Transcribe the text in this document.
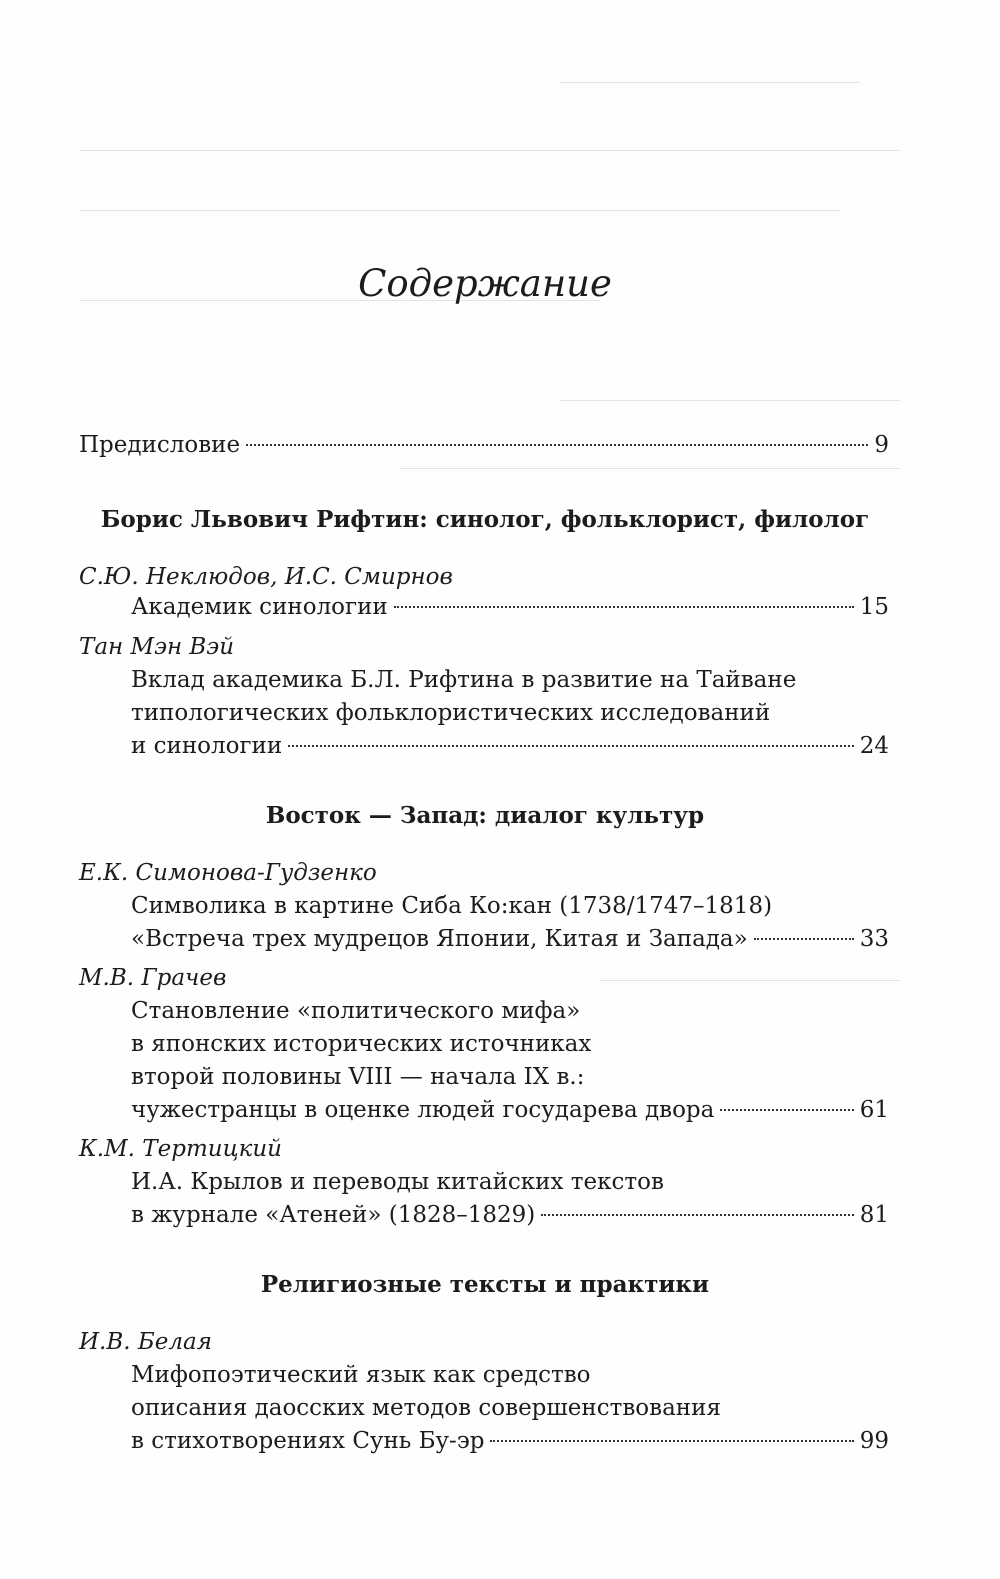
Содержание
Предисловие	9
Борис Львович Рифтин: синолог, фольклорист, филолог
С.Ю. Неклюдов, И.С. Смирнов
Академик синологии	15
Тан Мэн Вэй
Вклад академика Б.Л. Рифтина в развитие на Тайване
типологических фольклористических исследований
и синологии	24
Восток — Запад: диалог культур
Е.К. Симонова-Гудзенко
Символика в картине Сиба Ко:кан (1738/1747–1818)
«Встреча трех мудрецов Японии, Китая и Запада»	33
М.В. Грачев
Становление «политического мифа»
в японских исторических источниках
второй половины VIII — начала IX в.:
чужестранцы в оценке людей государева двора	61
К.М. Тертицкий
И.А. Крылов и переводы китайских текстов
в журнале «Атеней» (1828–1829)	81
Религиозные тексты и практики
И.В. Белая
Мифопоэтический язык как средство
описания даосских методов совершенствования
в стихотворениях Сунь Бу-эр	99
